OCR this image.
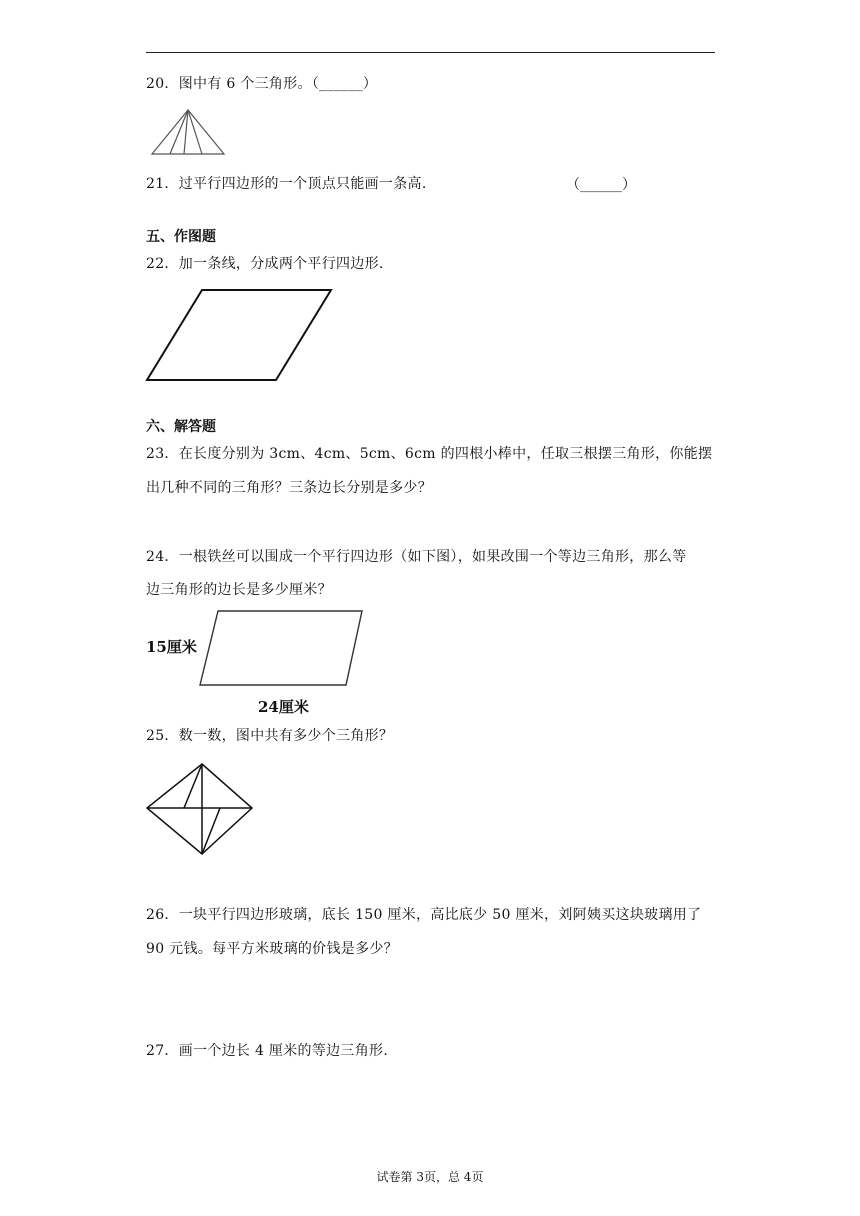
20．图中有 6 个三角形。（______）
21．过平行四边形的一个顶点只能画一条高.	（______）
五、作图题
22．加一条线，分成两个平行四边形.
六、解答题
23．在长度分别为 3cm、4cm、5cm、6cm 的四根小棒中，任取三根摆三角形，你能摆
出几种不同的三角形？三条边长分别是多少？
24．一根铁丝可以围成一个平行四边形（如下图），如果改围一个等边三角形，那么等
边三角形的边长是多少厘米？
15厘米
24厘米
25．数一数，图中共有多少个三角形？
26．一块平行四边形玻璃，底长 150 厘米，高比底少 50 厘米，刘阿姨买这块玻璃用了
90 元钱。每平方米玻璃的价钱是多少？
27．画一个边长 4 厘米的等边三角形.
试卷第 3页，总 4页
